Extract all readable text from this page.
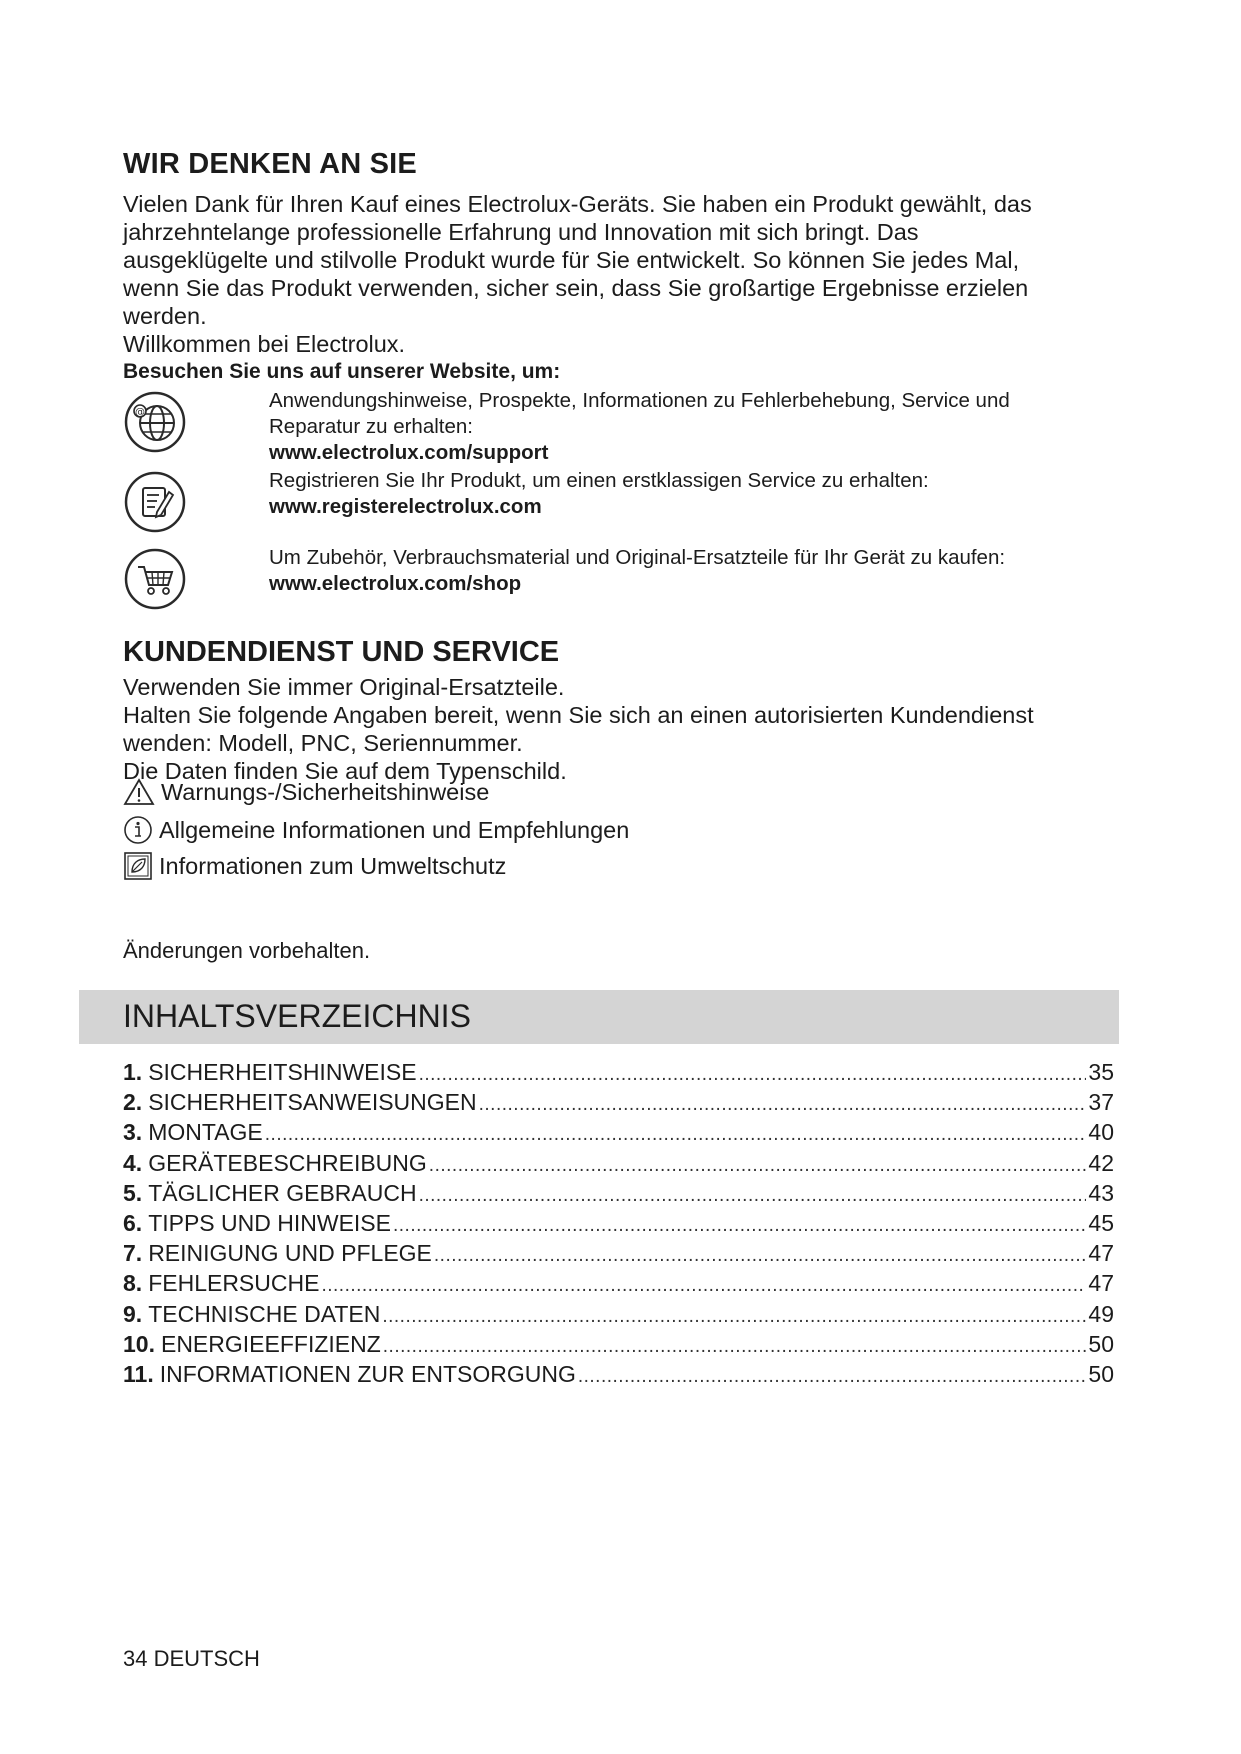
WIR DENKEN AN SIE

Vielen Dank für Ihren Kauf eines Electrolux-Geräts. Sie haben ein Produkt gewählt, das

jahrzehntelange professionelle Erfahrung und Innovation mit sich bringt. Das

ausgeklügelte und stilvolle Produkt wurde für Sie entwickelt. So können Sie jedes Mal,

wenn Sie das Produkt verwenden, sicher sein, dass Sie großartige Ergebnisse erzielen

werden.

Willkommen bei Electrolux.

Besuchen Sie uns auf unserer Website, um:

@
Anwendungshinweise, Prospekte, Informationen zu Fehlerbehebung, Service und
Reparatur zu erhalten:
www.electrolux.com/support
Registrieren Sie Ihr Produkt, um einen erstklassigen Service zu erhalten:
www.registerelectrolux.com
Um Zubehör, Verbrauchsmaterial und Original-Ersatzteile für Ihr Gerät zu kaufen:
www.electrolux.com/shop
KUNDENDIENST UND SERVICE

Verwenden Sie immer Original-Ersatzteile.

Halten Sie folgende Angaben bereit, wenn Sie sich an einen autorisierten Kundendienst

wenden: Modell, PNC, Seriennummer.

Die Daten finden Sie auf dem Typenschild.

Warnungs-/Sicherheitshinweise
Allgemeine Informationen und Empfehlungen
Informationen zum Umweltschutz
Änderungen vorbehalten.
INHALTSVERZEICHNIS
1. SICHERHEITSHINWEISE .....	35
2. SICHERHEITSANWEISUNGEN .....	37
3. MONTAGE .....	40
4. GERÄTEBESCHREIBUNG .....	42
5. TÄGLICHER GEBRAUCH .....	43
6. TIPPS UND HINWEISE .....	45
7. REINIGUNG UND PFLEGE .....	47
8. FEHLERSUCHE .....	47
9. TECHNISCHE DATEN .....	49
10. ENERGIEEFFIZIENZ .....	50
11. INFORMATIONEN ZUR ENTSORGUNG .....	50
34 DEUTSCH
